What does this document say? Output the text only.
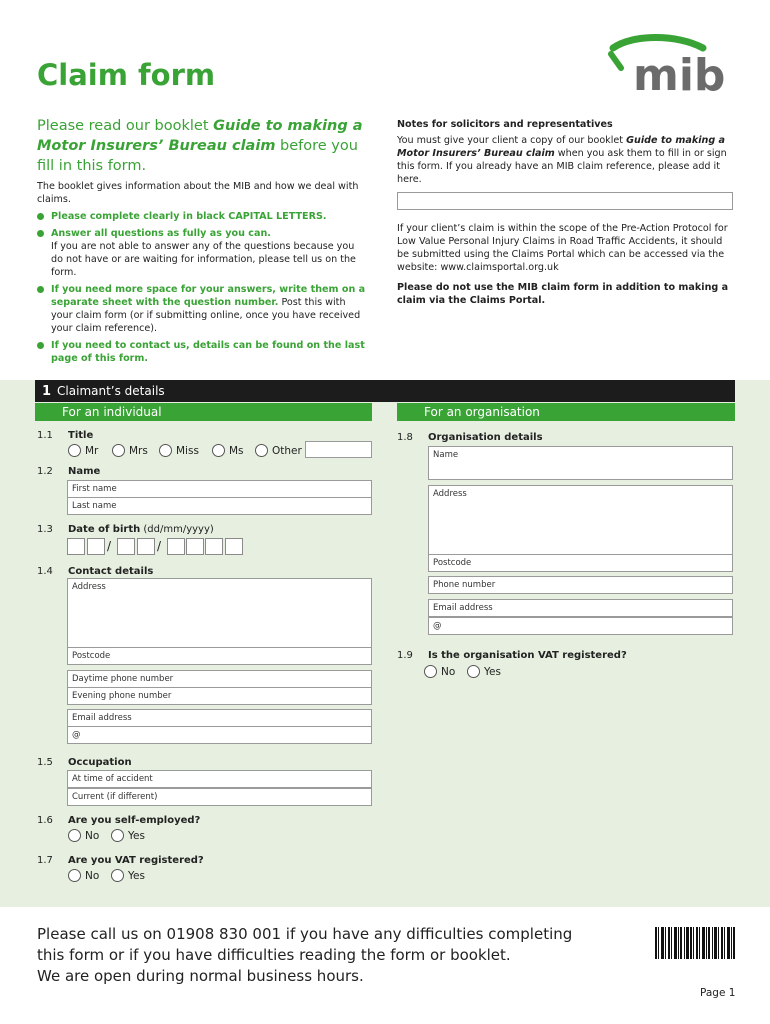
Claim form	mib
Please read our booklet Guide to making a Motor Insurers’ Bureau claim before you fill in this form.
The booklet gives information about the MIB and how we deal with claims.
Please complete clearly in black CAPITAL LETTERS.
Answer all questions as fully as you can.
If you are not able to answer any of the questions because you do not have or are waiting for information, please tell us on the form.
If you need more space for your answers, write them on a separate sheet with the question number. Post this with your claim form (or if submitting online, once you have received your claim reference).
If you need to contact us, details can be found on the last page of this form.
Notes for solicitors and representatives
You must give your client a copy of our booklet Guide to making a Motor Insurers’ Bureau claim when you ask them to fill in or sign this form. If you already have an MIB claim reference, please add it here.
If your client’s claim is within the scope of the Pre-Action Protocol for Low Value Personal Injury Claims in Road Traffic Accidents, it should be submitted using the Claims Portal which can be accessed via the website: www.claimsportal.org.uk
Please do not use the MIB claim form in addition to making a claim via the Claims Portal.
1 Claimant’s details
For an individual	For an organisation
1.1 Title
Mr	Mrs	Miss	Ms	Other
1.2 Name
First name
Last name
1.3 Date of birth (dd/mm/yyyy)
/	/
1.4 Contact details
Address
Postcode
Daytime phone number
Evening phone number
Email address
@
1.5 Occupation
At time of accident
Current (if different)
1.6 Are you self-employed?
No	Yes
1.7 Are you VAT registered?
No	Yes
1.8 Organisation details
Name
Address
Postcode
Phone number
Email address
@
1.9 Is the organisation VAT registered?
No	Yes
Please call us on 01908 830 001 if you have any difficulties completing
this form or if you have difficulties reading the form or booklet.
We are open during normal business hours.
Page 1
